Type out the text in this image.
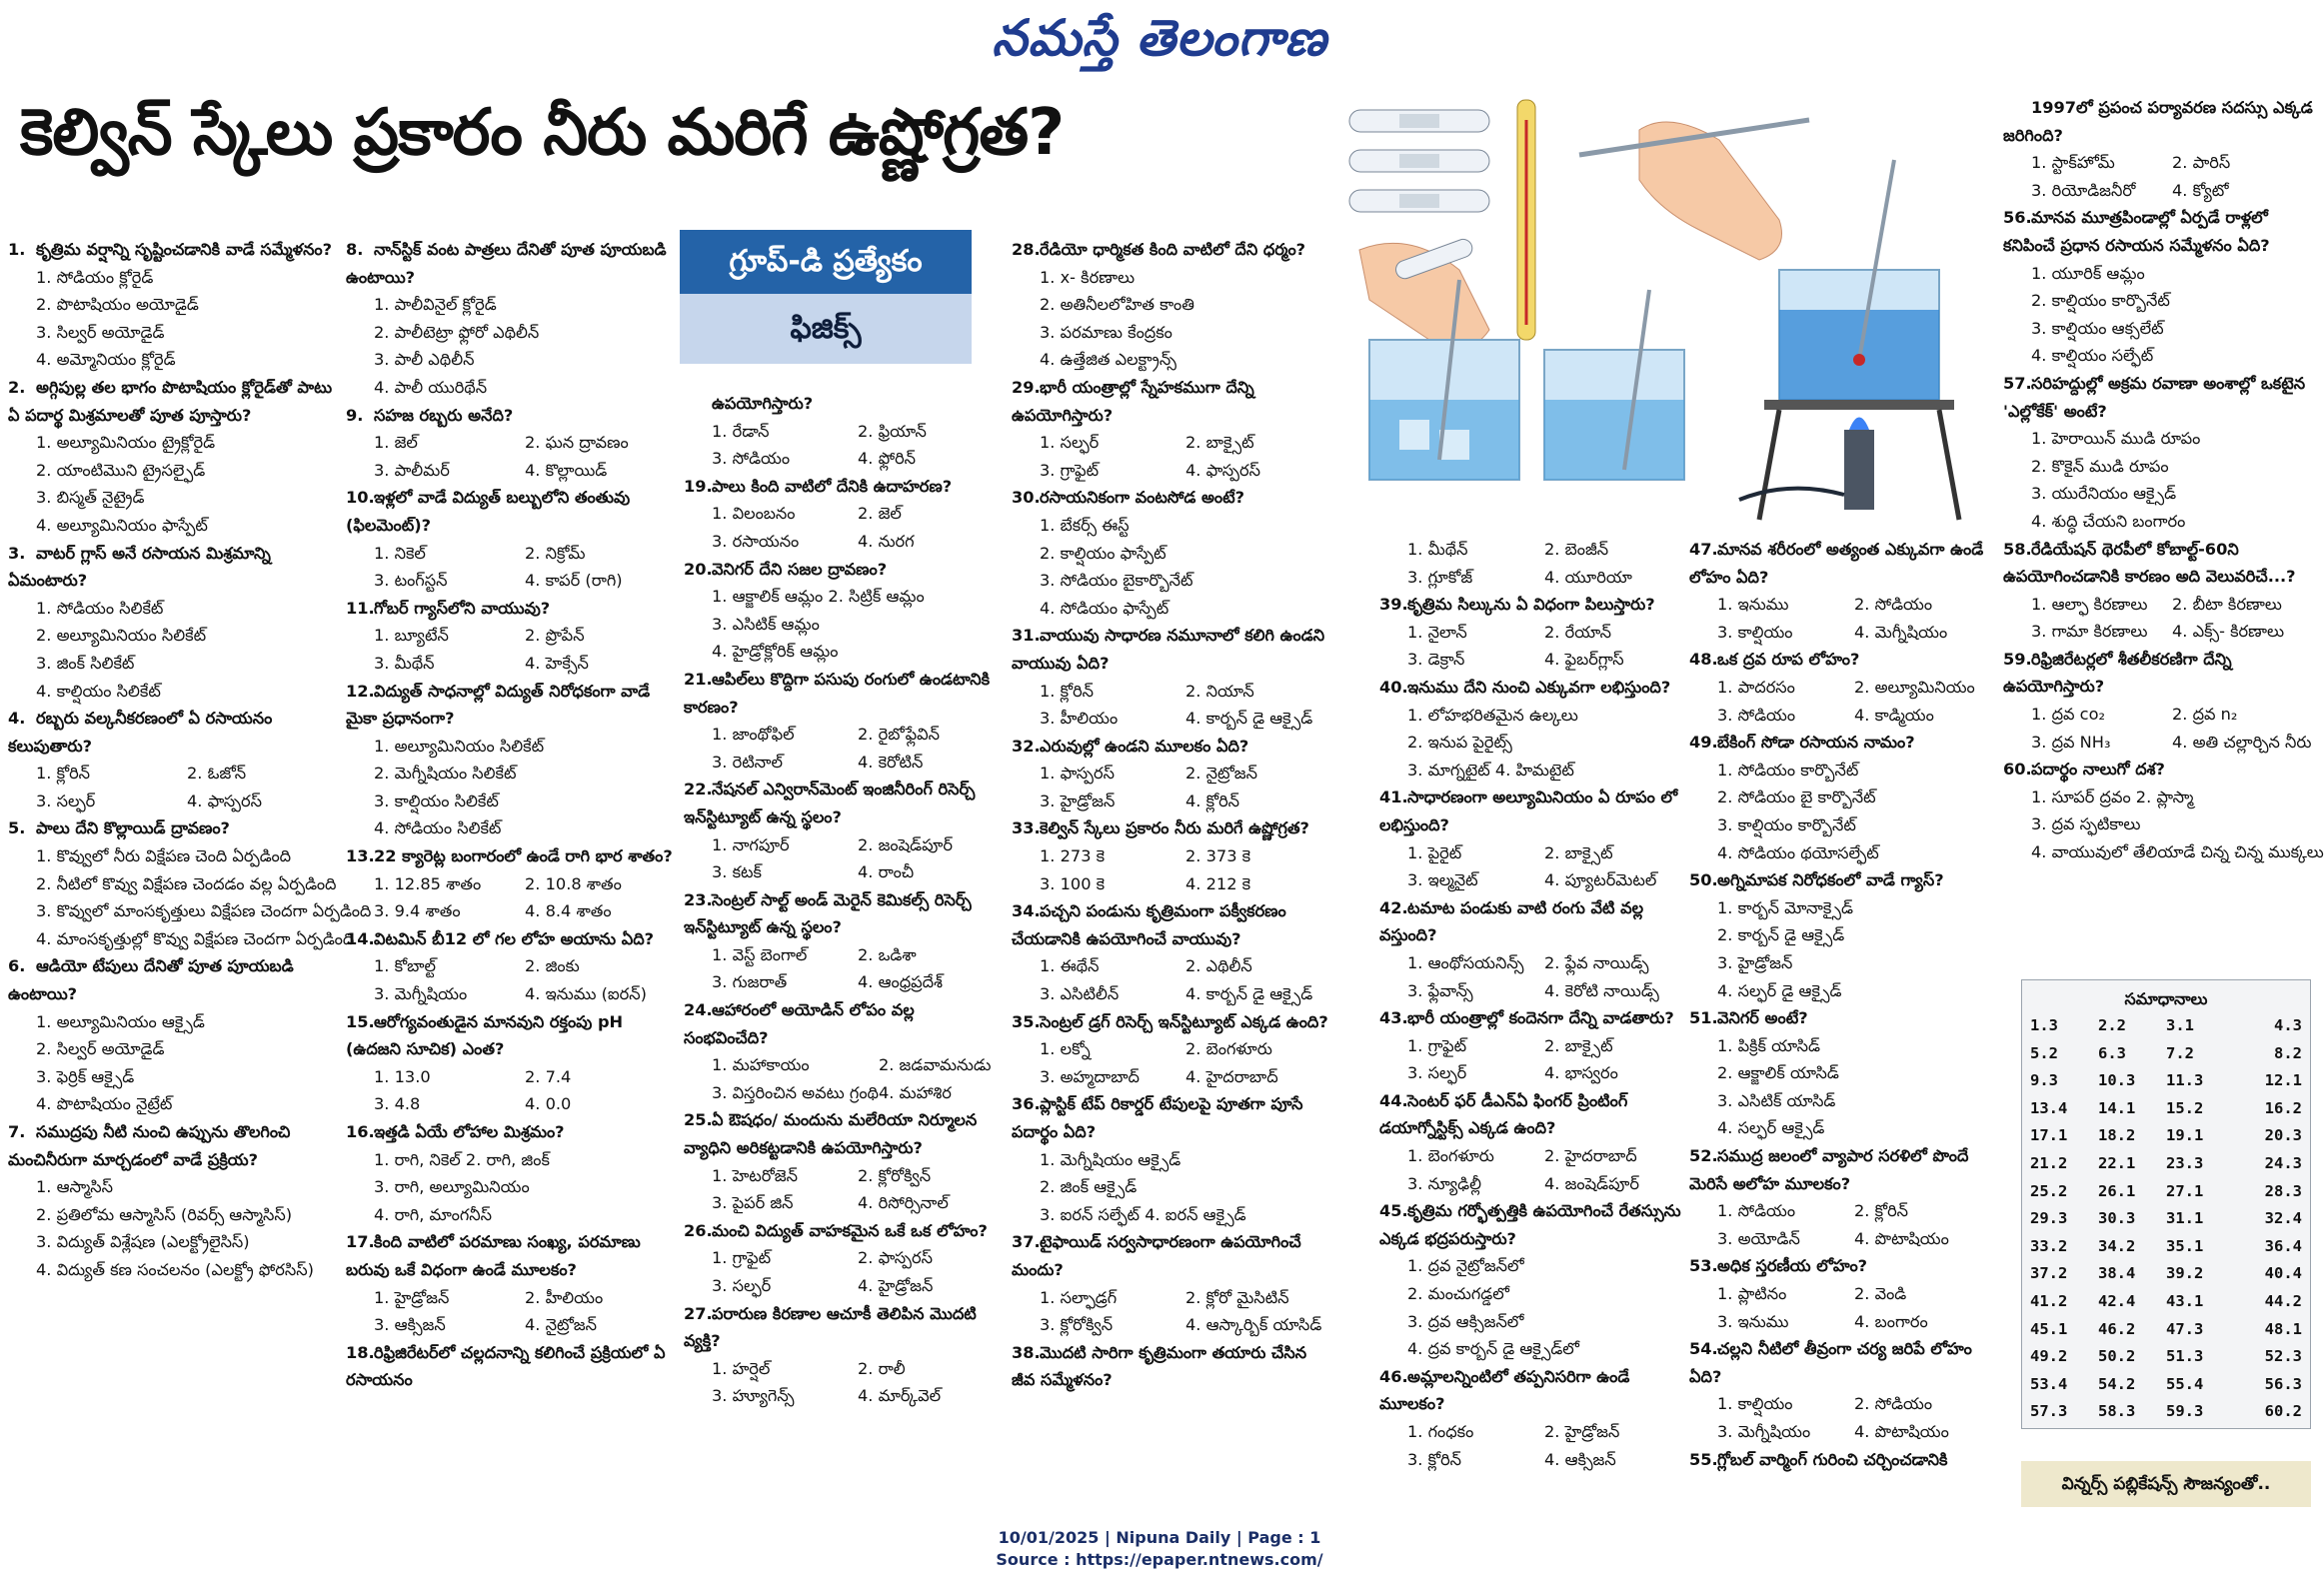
నమస్తే తెలంగాణ
కెల్విన్ స్కేలు ప్రకారం నీరు మరిగే ఉష్ణోగ్రత?
గ్రూప్-డి ప్రత్యేకం
ఫిజిక్స్
1. కృత్రిమ వర్షాన్ని సృష్టించడానికి వాడే సమ్మేళనం?
1. సోడియం క్లోరైడ్
2. పొటాషియం అయోడైడ్
3. సిల్వర్ అయోడైడ్
4. అమ్మోనియం క్లోరైడ్
2. అగ్గిపుల్ల తల భాగం పొటాషియం క్లోరైడ్‌తో పాటు ఏ పదార్థ మిశ్రమాలతో పూత పూస్తారు?
1. అల్యూమినియం ట్రైక్లోరైడ్
2. యాంటిమొని ట్రైసల్ఫైడ్
3. బిస్మత్ నైట్రైడ్
4. అల్యూమినియం ఫాస్పేట్
3. వాటర్ గ్లాస్ అనే రసాయన మిశ్రమాన్ని ఏమంటారు?
1. సోడియం సిలికేట్
2. అల్యూమినియం సిలికేట్
3. జింక్ సిలికేట్
4. కాల్షియం సిలికేట్
4. రబ్బరు వల్కనీకరణంలో ఏ రసాయనం కలుపుతారు?
1. క్లోరిన్	2. ఓజోన్
3. సల్ఫర్	4. ఫాస్పరస్
5. పాలు దేని కొల్లాయిడ్ ద్రావణం?
1. కొవ్వులో నీరు విక్షేపణ చెంది ఏర్పడింది
2. నీటిలో కొవ్వు విక్షేపణ చెందడం వల్ల ఏర్పడింది
3. కొవ్వులో మాంసకృత్తులు విక్షేపణ చెందగా ఏర్పడింది
4. మాంసకృత్తుల్లో కొవ్వు విక్షేపణ చెందగా ఏర్పడింది
6. ఆడియో టేపులు దేనితో పూత పూయబడి ఉంటాయి?
1. అల్యూమినియం ఆక్సైడ్
2. సిల్వర్ అయోడైడ్
3. ఫెర్రిక్ ఆక్సైడ్
4. పొటాషియం నైట్రేట్
7. సముద్రపు నీటి నుంచి ఉప్పును తొలగించి మంచినీరుగా మార్చడంలో వాడే ప్రక్రియ?
1. ఆస్మాసిస్
2. ప్రతిలోమ ఆస్మాసిస్ (రివర్స్ ఆస్మాసిస్)
3. విద్యుత్ విశ్లేషణ (ఎలక్ట్రోలైసిస్)
4. విద్యుత్ కణ సంచలనం (ఎలక్ట్రో ఫోరసిస్)
8. నాన్‌స్టిక్ వంట పాత్రలు దేనితో పూత పూయబడి ఉంటాయి?
1. పాలీవినైల్ క్లోరైడ్
2. పాలీటెట్రా ఫ్లోరో ఎథిలీన్
3. పాలీ ఎథిలీన్
4. పాలీ యురిథేన్
9. సహజ రబ్బరు అనేది?
1. జెల్	2. ఘన ద్రావణం
3. పాలీమర్	4. కొల్లాయిడ్
10.ఇళ్లలో వాడే విద్యుత్ బల్బులోని తంతువు (ఫిలమెంట్)?
1. నికెల్	2. నిక్రోమ్
3. టంగ్‌స్టన్	4. కాపర్ (రాగి)
11.గోబర్ గ్యాస్‌లోని వాయువు?
1. బ్యూటేన్	2. ప్రొపేన్
3. మీథేన్	4. హెక్సేన్
12.విద్యుత్ సాధనాల్లో విద్యుత్ నిరోధకంగా వాడే మైకా ప్రధానంగా?
1. అల్యూమినియం సిలికేట్
2. మెగ్నీషియం సిలికేట్
3. కాల్షియం సిలికేట్
4. సోడియం సిలికేట్
13.22 క్యారెట్ల బంగారంలో ఉండే రాగి భార శాతం?
1. 12.85 శాతం	2. 10.8 శాతం
3. 9.4 శాతం	4. 8.4 శాతం
14.విటమిన్ బీ12 లో గల లోహ అయాను ఏది?
1. కోబాల్ట్	2. జింకు
3. మెగ్నీషియం	4. ఇనుము (ఐరన్)
15.ఆరోగ్యవంతుడైన మానవుని రక్తంపు pH (ఉదజని సూచిక) ఎంత?
1. 13.0	2. 7.4
3. 4.8	4. 0.0
16.ఇత్తడి ఏయే లోహాల మిశ్రమం?
1. రాగి, నికెల్ 2. రాగి, జింక్
3. రాగి, అల్యూమినియం
4. రాగి, మాంగనీస్
17.కింది వాటిలో పరమాణు సంఖ్య, పరమాణు బరువు ఒకే విధంగా ఉండే మూలకం?
1. హైడ్రోజన్	2. హీలియం
3. ఆక్సిజన్	4. నైట్రోజన్
18.రిఫ్రిజిరేటర్‌లో చల్లదనాన్ని కలిగించే ప్రక్రియలో ఏ రసాయనం
ఉపయోగిస్తారు?
1. రేడాన్	2. ఫ్రియాన్
3. సోడియం	4. ఫ్లోరిన్
19.పాలు కింది వాటిలో దేనికి ఉదాహరణ?
1. విలంబనం	2. జెల్
3. రసాయనం	4. నురగ
20.వెనిగర్ దేని సజల ద్రావణం?
1. ఆక్జాలిక్ ఆమ్లం 2. సిట్రిక్ ఆమ్లం
3. ఎసిటిక్ ఆమ్లం
4. హైడ్రోక్లోరిక్ ఆమ్లం
21.ఆపిల్‌లు కొద్దిగా పసుపు రంగులో ఉండటానికి కారణం?
1. జాంథోఫిల్	2. రైబోఫ్లేవిన్
3. రెటినాల్	4. కెరోటిన్
22.నేషనల్ ఎన్విరాన్‌మెంట్ ఇంజినీరింగ్ రిసెర్చ్ ఇన్‌స్టిట్యూట్ ఉన్న స్థలం?
1. నాగపూర్	2. జంషెడ్‌పూర్
3. కటక్	4. రాంచీ
23.సెంట్రల్ సాల్ట్ అండ్ మెరైన్ కెమికల్స్ రిసెర్చ్ ఇన్‌స్టిట్యూట్ ఉన్న స్థలం?
1. వెస్ట్ బెంగాల్	2. ఒడిశా
3. గుజరాత్	4. ఆంధ్రప్రదేశ్
24.ఆహారంలో అయోడిన్ లోపం వల్ల సంభవించేది?
1. మహాకాయం	2. జడవామనుడు
3. విస్తరించిన అవటు గ్రంథి 4. మహాశిర
25.ఏ ఔషధం/ మందును మలేరియా నిర్మూలన వ్యాధిని అరికట్టడానికి ఉపయోగిస్తారు?
1. హెటరోజెన్	2. క్లోరోక్విన్
3. పైపర్ జిన్	4. రిసోర్సినాల్
26.మంచి విద్యుత్ వాహకమైన ఒకే ఒక లోహం?
1. గ్రాఫైట్	2. ఫాస్పరస్
3. సల్ఫర్	4. హైడ్రోజన్
27.పరారుణ కిరణాల ఆచూకీ తెలిపిన మొదటి వ్యక్తి?
1. హర్షెల్	2. రాలీ
3. హ్యూగెన్స్	4. మార్క్‌వెల్
28.రేడియో ధార్మికత కింది వాటిలో దేని ధర్మం?
1. x- కిరణాలు
2. అతినీలలోహిత కాంతి
3. పరమాణు కేంద్రకం
4. ఉత్తేజిత ఎలక్ట్రాన్స్
29.భారీ యంత్రాల్లో స్నేహకముగా దేన్ని ఉపయోగిస్తారు?
1. సల్ఫర్	2. బాక్సైట్
3. గ్రాఫైట్	4. ఫాస్పరస్
30.రసాయనికంగా వంటసోడ అంటే?
1. బేకర్స్ ఈస్ట్
2. కాల్షియం ఫాస్పేట్
3. సోడియం బైకార్బొనేట్
4. సోడియం ఫాస్పేట్
31.వాయువు సాధారణ నమూనాలో కలిగి ఉండని వాయువు ఏది?
1. క్లోరిన్	2. నియాన్
3. హీలియం	4. కార్బన్ డై ఆక్సైడ్
32.ఎరువుల్లో ఉండని మూలకం ఏది?
1. ఫాస్పరస్	2. నైట్రోజన్
3. హైడ్రోజన్	4. క్లోరిన్
33.కెల్విన్ స్కేలు ప్రకారం నీరు మరిగే ఉష్ణోగ్రత?
1. 273 కె	2. 373 కె
3. 100 కె	4. 212 కె
34.పచ్చని పండును కృత్రిమంగా పక్వీకరణం చేయడానికి ఉపయోగించే వాయువు?
1. ఈథేన్	2. ఎథిలీన్
3. ఎసిటిలీన్	4. కార్బన్ డై ఆక్సైడ్
35.సెంట్రల్ డ్రగ్ రిసెర్చ్ ఇన్‌స్టిట్యూట్ ఎక్కడ ఉంది?
1. లక్నో	2. బెంగళూరు
3. అహ్మదాబాద్	4. హైదరాబాద్
36.ప్లాస్టిక్ టేప్ రికార్డర్ టేపులపై పూతగా పూసే పదార్థం ఏది?
1. మెగ్నీషియం ఆక్సైడ్
2. జింక్ ఆక్సైడ్
3. ఐరన్ సల్ఫేట్ 4. ఐరన్ ఆక్సైడ్
37.టైఫాయిడ్ సర్వసాధారణంగా ఉపయోగించే మందు?
1. సల్ఫాడ్రగ్	2. క్లోరో మైసిటిన్
3. క్లోరోక్విన్	4. ఆస్కార్బిక్ యాసిడ్
38.మొదటి సారిగా కృత్రిమంగా తయారు చేసిన జీవ సమ్మేళనం?
1. మీథేన్	2. బెంజీన్
3. గ్లూకోజ్	4. యూరియా
39.కృత్రిమ సిల్కును ఏ విధంగా పిలుస్తారు?
1. నైలాన్	2. రేయాన్
3. డెక్రాన్	4. ఫైబర్‌గ్లాస్
40.ఇనుము దేని నుంచి ఎక్కువగా లభిస్తుంది?
1. లోహభరితమైన ఉల్కలు
2. ఇనుప పైరైట్స్
3. మాగ్నటైట్ 4. హిమటైట్
41.సాధారణంగా అల్యూమినియం ఏ రూపం లో లభిస్తుంది?
1. పైరైట్	2. బాక్సైట్
3. ఇల్మనైట్	4. ప్యూటర్‌మెటల్
42.టమాట పండుకు వాటి రంగు వేటి వల్ల వస్తుంది?
1. ఆంథోసయనిన్స్	2. ఫ్లేవ నాయిడ్స్
3. ఫ్లేవాన్స్	4. కెరోటి నాయిడ్స్
43.భారీ యంత్రాల్లో కందెనగా దేన్ని వాడతారు?
1. గ్రాఫైట్	2. బాక్సైట్
3. సల్ఫర్	4. భాస్వరం
44.సెంటర్ ఫర్ డీఎన్‌ఏ ఫింగర్ ప్రింటింగ్ డయాగ్నోస్టిక్స్ ఎక్కడ ఉంది?
1. బెంగళూరు	2. హైదరాబాద్
3. న్యూఢిల్లీ	4. జంషెడ్‌పూర్
45.కృత్రిమ గర్భోత్పత్తికి ఉపయోగించే రేతస్సును ఎక్కడ భద్రపరుస్తారు?
1. ద్రవ నైట్రోజన్‌లో
2. మంచుగడ్డలో
3. ద్రవ ఆక్సిజన్‌లో
4. ద్రవ కార్బన్ డై ఆక్సైడ్‌లో
46.అమ్లాలన్నింటిలో తప్పనిసరిగా ఉండే మూలకం?
1. గంధకం	2. హైడ్రోజన్
3. క్లోరిన్	4. ఆక్సిజన్
47.మానవ శరీరంలో అత్యంత ఎక్కువగా ఉండే లోహం ఏది?
1. ఇనుము	2. సోడియం
3. కాల్షియం	4. మెగ్నీషియం
48.ఒక ద్రవ రూప లోహం?
1. పాదరసం	2. అల్యూమినియం
3. సోడియం	4. కాడ్మియం
49.బేకింగ్ సోడా రసాయన నామం?
1. సోడియం కార్బొనేట్
2. సోడియం బై కార్బొనేట్
3. కాల్షియం కార్బొనేట్
4. సోడియం థయోసల్ఫేట్
50.అగ్నిమాపక నిరోధకంలో వాడే గ్యాస్?
1. కార్బన్ మోనాక్సైడ్
2. కార్బన్ డై ఆక్సైడ్
3. హైడ్రోజన్
4. సల్ఫర్ డై ఆక్సైడ్
51.వెనిగర్ అంటే?
1. పిక్రిక్ యాసిడ్
2. ఆక్జాలిక్ యాసిడ్
3. ఎసిటిక్ యాసిడ్
4. సల్ఫర్ ఆక్సైడ్
52.సముద్ర జలంలో వ్యాపార సరళిలో పొందే మెరిసే అలోహ మూలకం?
1. సోడియం	2. క్లోరిన్
3. అయోడిన్	4. పొటాషియం
53.అధిక స్తరణీయ లోహం?
1. ప్లాటినం	2. వెండి
3. ఇనుము	4. బంగారం
54.చల్లని నీటిలో తీవ్రంగా చర్య జరిపే లోహం ఏది?
1. కాల్షియం	2. సోడియం
3. మెగ్నీషియం	4. పొటాషియం
55.గ్లోబల్ వార్మింగ్ గురించి చర్చించడానికి
1997లో ప్రపంచ పర్యావరణ సదస్సు ఎక్కడ జరిగింది?
1. స్టాక్‌హోమ్	2. పారిస్
3. రియోడిజనీరో	4. క్యోటో
56.మానవ మూత్రపిండాల్లో ఏర్పడే రాళ్లలో కనిపించే ప్రధాన రసాయన సమ్మేళనం ఏది?
1. యూరిక్ ఆమ్లం
2. కాల్షియం కార్బొనేట్
3. కాల్షియం ఆక్సలేట్
4. కాల్షియం సల్ఫేట్
57.సరిహద్దుల్లో అక్రమ రవాణా అంశాల్లో ఒకటైన 'ఎల్లోకేక్' అంటే?
1. హెరాయిన్ ముడి రూపం
2. కొకైన్ ముడి రూపం
3. యురేనియం ఆక్సైడ్
4. శుద్ధి చేయని బంగారం
58.రేడియేషన్ థెరపీలో కోబాల్ట్-60ని ఉపయోగించడానికి కారణం అది వెలువరిచే...?
1. ఆల్ఫా కిరణాలు	2. బీటా కిరణాలు
3. గామా కిరణాలు	4. ఎక్స్- కిరణాలు
59.రిఫ్రిజిరేటర్లలో శీతలీకరణిగా దేన్ని ఉపయోగిస్తారు?
1. ద్రవ co₂	2. ద్రవ n₂
3. ద్రవ NH₃	4. అతి చల్లార్చిన నీరు
60.పదార్థం నాలుగో దశ?
1. సూపర్ ద్రవం 2. ప్లాస్మా
3. ద్రవ స్ఫటికాలు
4. వాయువులో తేలియాడే చిన్న చిన్న ముక్కలు
సమాధానాలు
1.3	2.2	3.1	4.3
5.2	6.3	7.2	8.2
9.3	10.3	11.3	12.1
13.4	14.1	15.2	16.2
17.1	18.2	19.1	20.3
21.2	22.1	23.3	24.3
25.2	26.1	27.1	28.3
29.3	30.3	31.1	32.4
33.2	34.2	35.1	36.4
37.2	38.4	39.2	40.4
41.2	42.4	43.1	44.2
45.1	46.2	47.3	48.1
49.2	50.2	51.3	52.3
53.4	54.2	55.4	56.3
57.3	58.3	59.3	60.2
విన్నర్స్ పబ్లికేషన్స్ సౌజన్యంతో..
10/01/2025 | Nipuna Daily | Page : 1
Source : https://epaper.ntnews.com/
